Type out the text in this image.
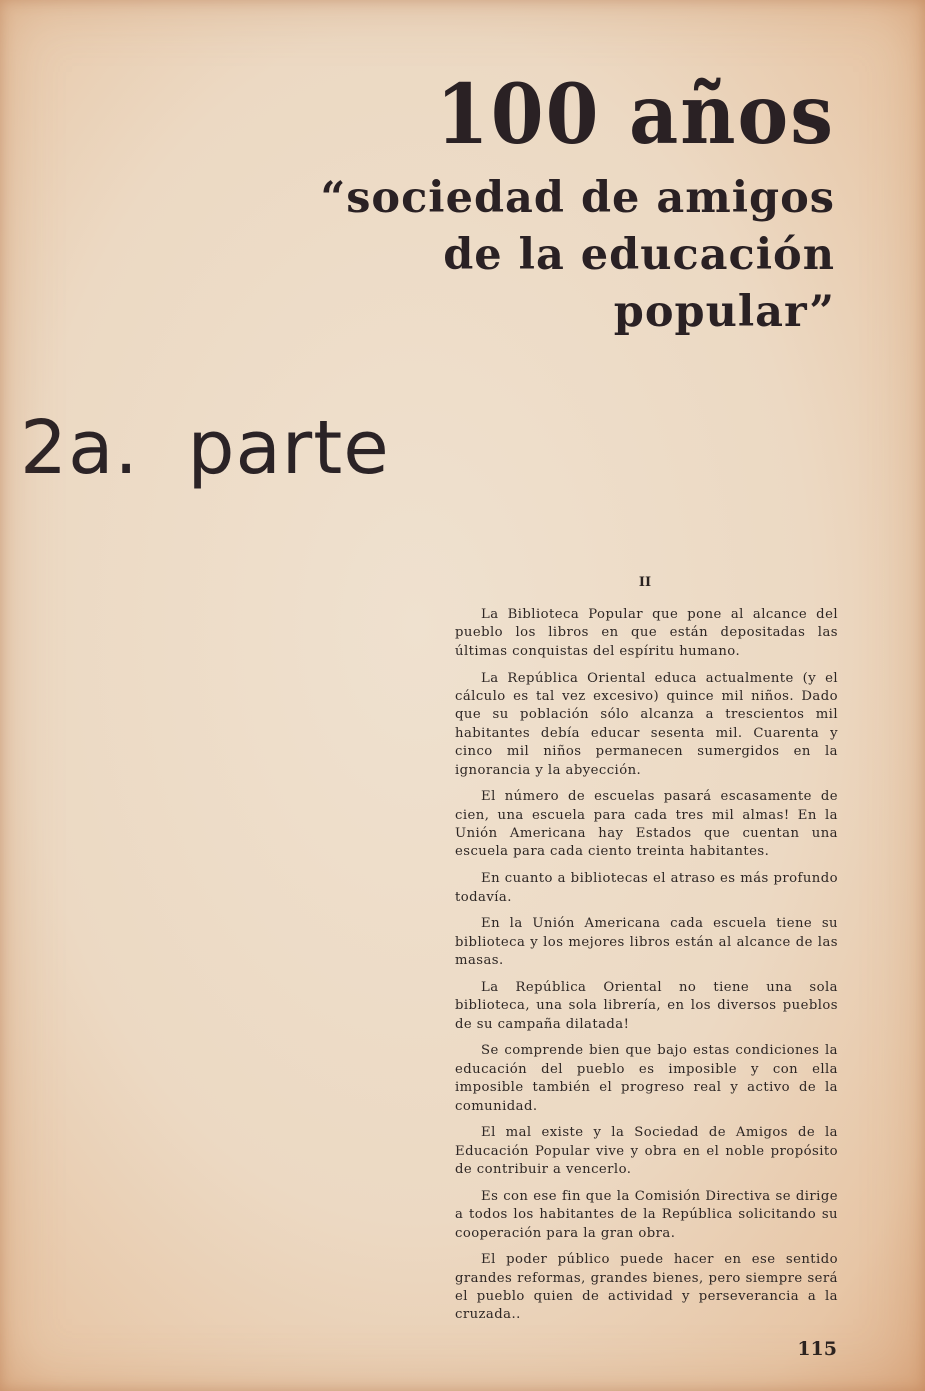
100 años

“sociedad de amigos

de la educación

popular”

2a. parte
II

La Biblioteca Popular que pone al alcance del pueblo los libros en que están depositadas las últimas conquistas del espíritu humano.

La República Oriental educa actualmente (y el cálculo es tal vez excesivo) quince mil niños. Dado que su población sólo alcanza a trescientos mil habitantes debía educar sesenta mil. Cuarenta y cinco mil niños permanecen sumergidos en la ignorancia y la abyección.

El número de escuelas pasará escasamente de cien, una escuela para cada tres mil almas! En la Unión Americana hay Estados que cuentan una escuela para cada ciento treinta habitantes.

En cuanto a bibliotecas el atraso es más profundo todavía.

En la Unión Americana cada escuela tiene su biblioteca y los mejores libros están al alcance de las masas.

La República Oriental no tiene una sola biblioteca, una sola librería, en los diversos pueblos de su campaña dilatada!

Se comprende bien que bajo estas condiciones la educación del pueblo es imposible y con ella imposible también el progreso real y activo de la comunidad.

El mal existe y la Sociedad de Amigos de la Educación Popular vive y obra en el noble propósito de contribuir a vencerlo.

Es con ese fin que la Comisión Directiva se dirige a todos los habitantes de la República solicitando su cooperación para la gran obra.

El poder público puede hacer en ese sentido grandes reformas, grandes bienes, pero siempre será el pueblo quien de actividad y perseverancia a la cruzada..

115
